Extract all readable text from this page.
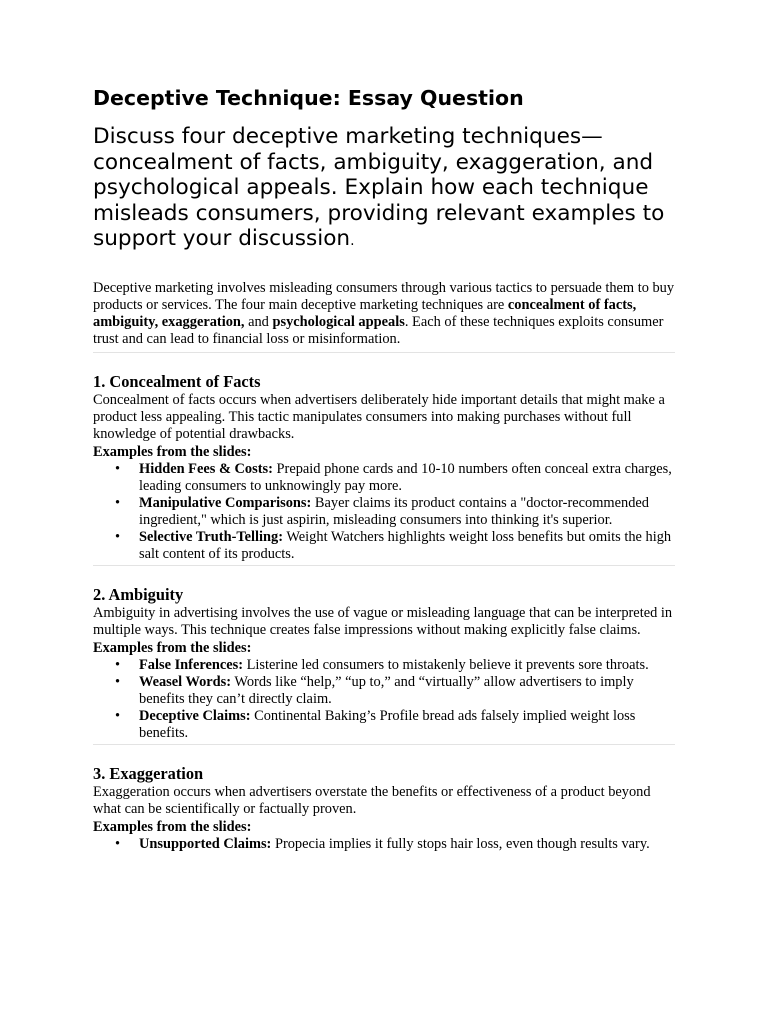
Deceptive Technique: Essay Question

Discuss four deceptive marketing techniques—concealment of facts, ambiguity, exaggeration, and psychological appeals. Explain how each technique misleads consumers, providing relevant examples to support your discussion.

Deceptive marketing involves misleading consumers through various tactics to persuade them to buy products or services. The four main deceptive marketing techniques are concealment of facts, ambiguity, exaggeration, and psychological appeals. Each of these techniques exploits consumer trust and can lead to financial loss or misinformation.

1. Concealment of Facts

Concealment of facts occurs when advertisers deliberately hide important details that might make a product less appealing. This tactic manipulates consumers into making purchases without full knowledge of potential drawbacks.

Examples from the slides:

• Hidden Fees & Costs: Prepaid phone cards and 10-10 numbers often conceal extra charges, leading consumers to unknowingly pay more.
• Manipulative Comparisons: Bayer claims its product contains a "doctor-recommended ingredient," which is just aspirin, misleading consumers into thinking it's superior.
• Selective Truth-Telling: Weight Watchers highlights weight loss benefits but omits the high salt content of its products.
2. Ambiguity

Ambiguity in advertising involves the use of vague or misleading language that can be interpreted in multiple ways. This technique creates false impressions without making explicitly false claims.

Examples from the slides:

• False Inferences: Listerine led consumers to mistakenly believe it prevents sore throats.
• Weasel Words: Words like “help,” “up to,” and “virtually” allow advertisers to imply benefits they can’t directly claim.
• Deceptive Claims: Continental Baking’s Profile bread ads falsely implied weight loss benefits.
3. Exaggeration

Exaggeration occurs when advertisers overstate the benefits or effectiveness of a product beyond what can be scientifically or factually proven.

Examples from the slides:

• Unsupported Claims: Propecia implies it fully stops hair loss, even though results vary.
